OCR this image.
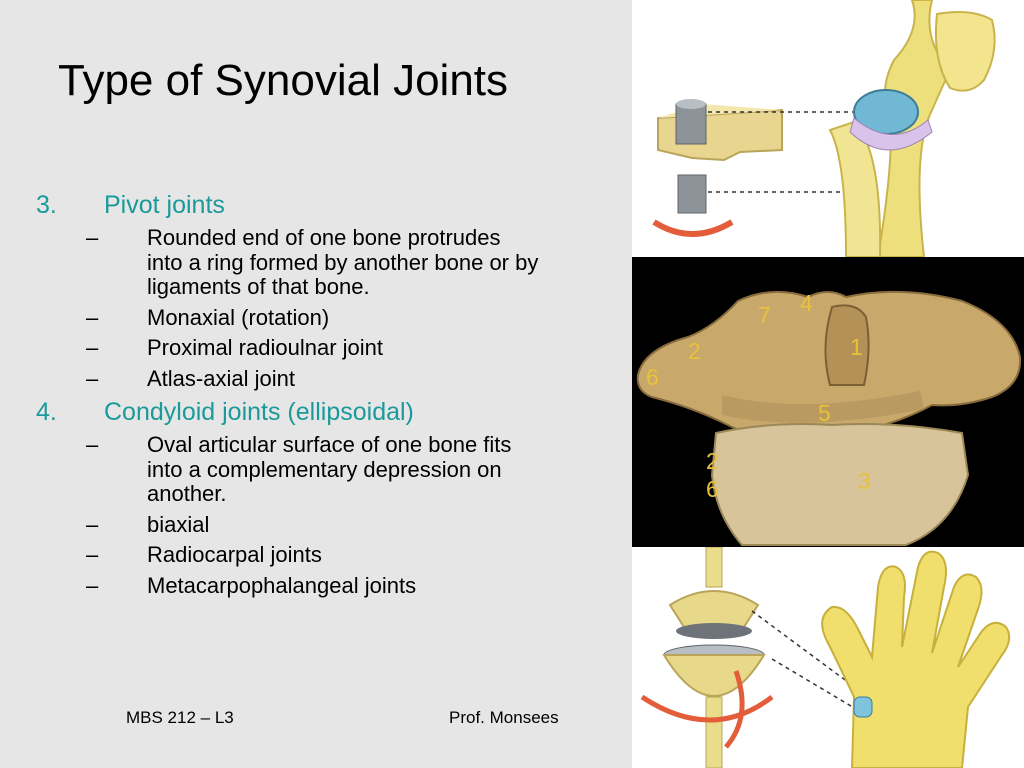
Type of Synovial Joints
3.	Pivot joints
–	Rounded end of one bone protrudes into a ring formed by another bone or by ligaments of that bone.
–	Monaxial (rotation)
–	Proximal radioulnar joint
–	Atlas-axial joint
4.	Condyloid joints (ellipsoidal)
–	Oval articular surface of one bone fits into a complementary depression on another.
–	biaxial
–	Radiocarpal joints
–	Metacarpophalangeal joints
MBS 212 – L3	Prof. Monsees
7 4
2	1
6
5
2
6	3
